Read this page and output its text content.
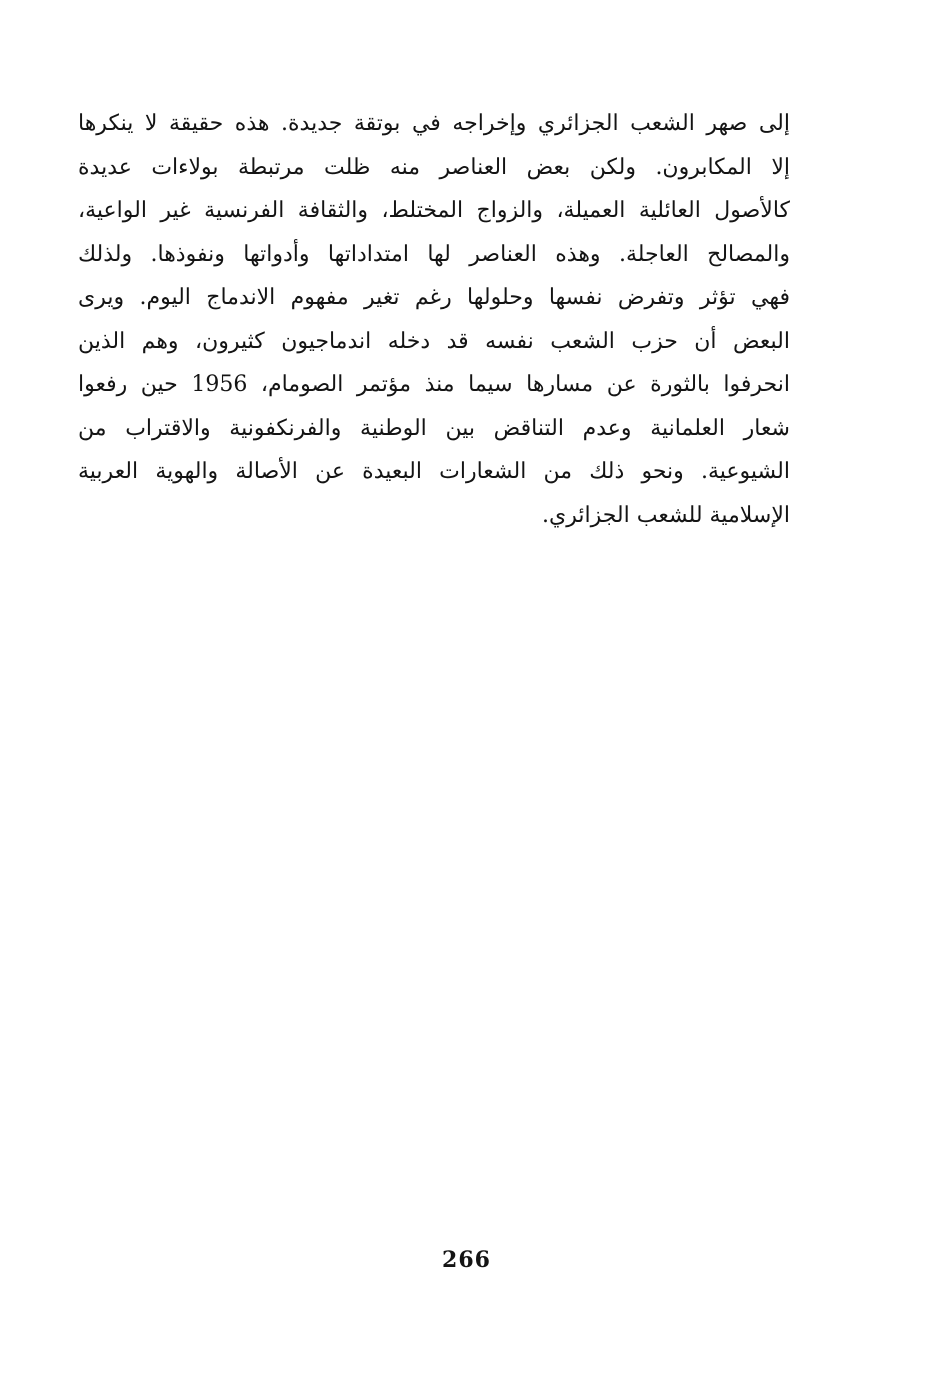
إلى صهر الشعب الجزائري وإخراجه في بوتقة جديدة. هذه حقيقة لا ينكرها
إلا المكابرون. ولكن بعض العناصر منه ظلت مرتبطة بولاءات عديدة
كالأصول العائلية العميلة، والزواج المختلط، والثقافة الفرنسية غير الواعية،
والمصالح العاجلة. وهذه العناصر لها امتداداتها وأدواتها ونفوذها. ولذلك
فهي تؤثر وتفرض نفسها وحلولها رغم تغير مفهوم الاندماج اليوم. ويرى
البعض أن حزب الشعب نفسه قد دخله اندماجيون كثيرون، وهم الذين
انحرفوا بالثورة عن مسارها سيما منذ مؤتمر الصومام، 1956 حين رفعوا
شعار العلمانية وعدم التناقض بين الوطنية والفرنكفونية والاقتراب من
الشيوعية. ونحو ذلك من الشعارات البعيدة عن الأصالة والهوية العربية
الإسلامية للشعب الجزائري.
266
